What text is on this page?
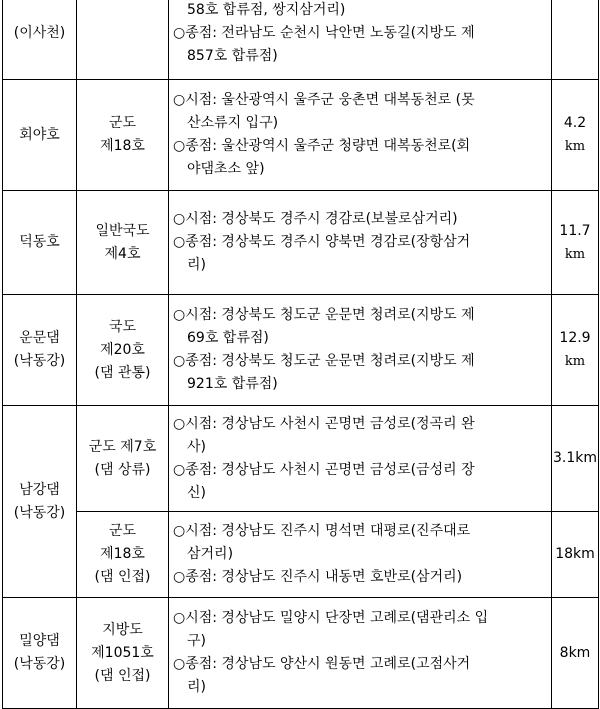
(이사천)		58호 합류점, 쌍지삼거리)
○종점: 전라남도 순천시 낙안면 노동길(지방도 제
857호 합류점)	

회야호	군도
제18호	○시점: 울산광역시 울주군 웅촌면 대복동천로 (못
산소류지 입구)
○종점: 울산광역시 울주군 청량면 대복동천로(회
야댐초소 앞)	4.2
km

덕동호	일반국도
제4호	○시점: 경상북도 경주시 경감로(보불로삼거리)
○종점: 경상북도 경주시 양북면 경감로(장항삼거
리)	11.7
km

운문댐
(낙동강)	국도
제20호
(댐 관통)	○시점: 경상북도 청도군 운문면 청려로(지방도 제
69호 합류점)
○종점: 경상북도 청도군 운문면 청려로(지방도 제
921호 합류점)	12.9
km

남강댐
(낙동강)	군도 제7호
(댐 상류)	○시점: 경상남도 사천시 곤명면 금성로(정곡리 완
사)
○종점: 경상남도 사천시 곤명면 금성로(금성리 장
신)	3.1km

	군도
제18호
(댐 인접)	○시점: 경상남도 진주시 명석면 대평로(진주대로
삼거리)
○종점: 경상남도 진주시 내동면 호반로(삼거리)	18km

밀양댐
(낙동강)	지방도
제1051호
(댐 인접)	○시점: 경상남도 밀양시 단장면 고례로(댐관리소 입
구)
○종점: 경상남도 양산시 원동면 고례로(고점사거
리)	8km
